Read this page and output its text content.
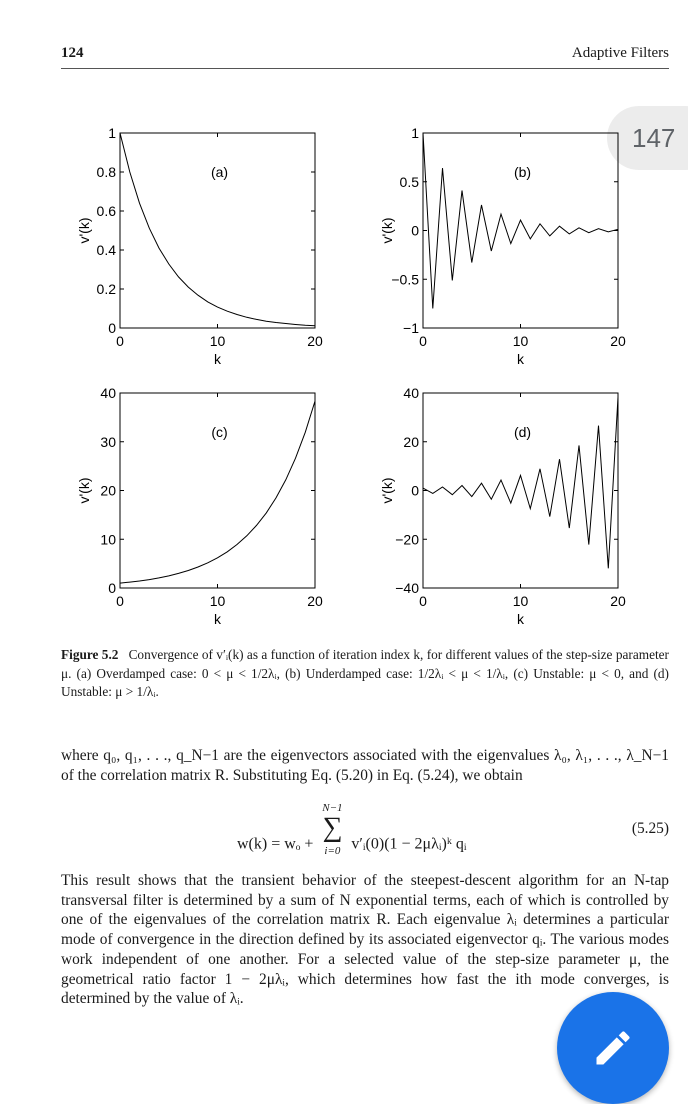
124	Adaptive Filters
147
0	10	20
0
0.2
0.4
0.6
0.8
1
k
v'(k)
(a)
0	10	20
−1
−0.5
0
0.5
1
k
v'(k)
(b)
0	10	20
0
10
20
30
40
k
v'(k)
(c)
0	10	20
−40
−20
0
20
40
k
v'(k)
(d)
Figure 5.2 Convergence of v′ᵢ(k) as a function of iteration index k, for different values of the step-size parameter μ. (a) Overdamped case: 0 < μ < 1/2λᵢ, (b) Underdamped case: 1/2λᵢ < μ < 1/λᵢ, (c) Unstable: μ < 0, and (d) Unstable: μ > 1/λᵢ.
where q₀, q₁, . . ., q_N−1 are the eigenvectors associated with the eigenvalues λ₀, λ₁, . . ., λ_N−1 of the correlation matrix R. Substituting Eq. (5.20) in Eq. (5.24), we obtain
w(k) = wₒ +
N−1
∑
i=0 v′ᵢ(0)(1 − 2μλᵢ)ᵏ qᵢ
(5.25)
This result shows that the transient behavior of the steepest-descent algorithm for an N-tap transversal filter is determined by a sum of N exponential terms, each of which is controlled by one of the eigenvalues of the correlation matrix R. Each eigenvalue λᵢ determines a particular mode of convergence in the direction defined by its associated eigenvector qᵢ. The various modes work independent of one another. For a selected value of the step-size parameter μ, the geometrical ratio factor 1 − 2μλᵢ, which determines how fast the ith mode converges, is determined by the value of λᵢ.
